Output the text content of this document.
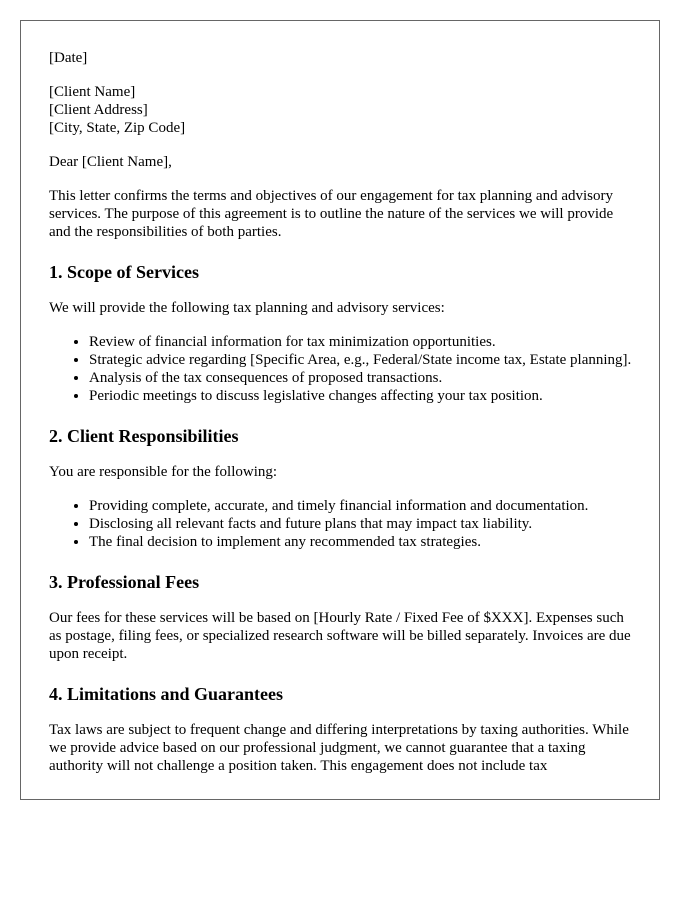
[Date]

[Client Name]

[Client Address]

[City, State, Zip Code]

Dear [Client Name],

This letter confirms the terms and objectives of our engagement for tax planning and advisory services. The purpose of this agreement is to outline the nature of the services we will provide and the responsibilities of both parties.

1. Scope of Services

We will provide the following tax planning and advisory services:

• Review of financial information for tax minimization opportunities.
• Strategic advice regarding [Specific Area, e.g., Federal/State income tax, Estate planning].
• Analysis of the tax consequences of proposed transactions.
• Periodic meetings to discuss legislative changes affecting your tax position.
2. Client Responsibilities

You are responsible for the following:

• Providing complete, accurate, and timely financial information and documentation.
• Disclosing all relevant facts and future plans that may impact tax liability.
• The final decision to implement any recommended tax strategies.
3. Professional Fees

Our fees for these services will be based on [Hourly Rate / Fixed Fee of $XXX]. Expenses such as postage, filing fees, or specialized research software will be billed separately. Invoices are due upon receipt.

4. Limitations and Guarantees

Tax laws are subject to frequent change and differing interpretations by taxing authorities. While we provide advice based on our professional judgment, we cannot guarantee that a taxing authority will not challenge a position taken. This engagement does not include tax
